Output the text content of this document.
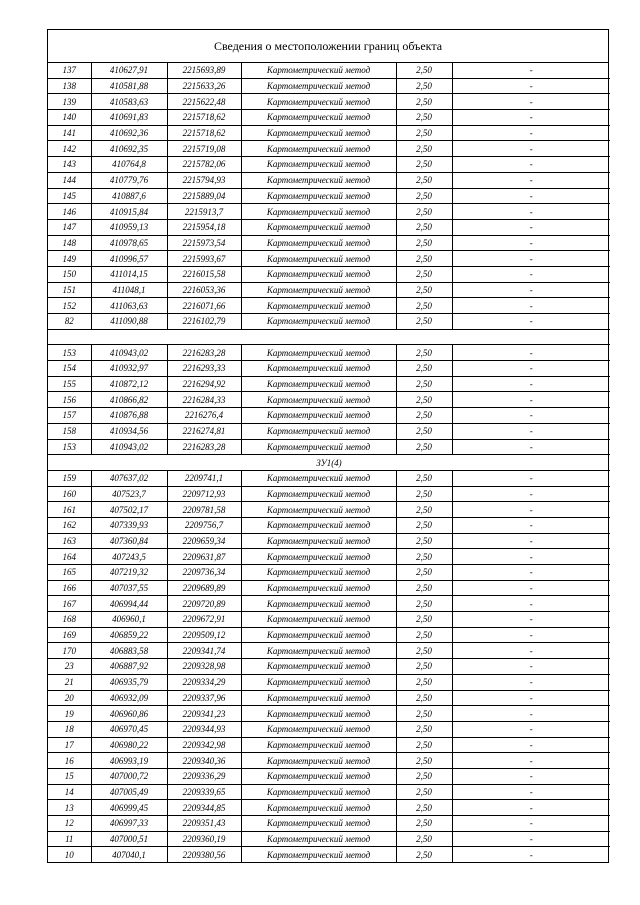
Сведения о местоположении границ объекта
137	410627,91	2215693,89	Картометрический метод	2,50	-
138	410581,88	2215633,26	Картометрический метод	2,50	-
139	410583,63	2215622,48	Картометрический метод	2,50	-
140	410691,83	2215718,62	Картометрический метод	2,50	-
141	410692,36	2215718,62	Картометрический метод	2,50	-
142	410692,35	2215719,08	Картометрический метод	2,50	-
143	410764,8	2215782,06	Картометрический метод	2,50	-
144	410779,76	2215794,93	Картометрический метод	2,50	-
145	410887,6	2215889,04	Картометрический метод	2,50	-
146	410915,84	2215913,7	Картометрический метод	2,50	-
147	410959,13	2215954,18	Картометрический метод	2,50	-
148	410978,65	2215973,54	Картометрический метод	2,50	-
149	410996,57	2215993,67	Картометрический метод	2,50	-
150	411014,15	2216015,58	Картометрический метод	2,50	-
151	411048,1	2216053,36	Картометрический метод	2,50	-
152	411063,63	2216071,66	Картометрический метод	2,50	-
82	411090,88	2216102,79	Картометрический метод	2,50	-

153	410943,02	2216283,28	Картометрический метод	2,50	-
154	410932,97	2216293,33	Картометрический метод	2,50	-
155	410872,12	2216294,92	Картометрический метод	2,50	-
156	410866,82	2216284,33	Картометрический метод	2,50	-
157	410876,88	2216276,4	Картометрический метод	2,50	-
158	410934,56	2216274,81	Картометрический метод	2,50	-
153	410943,02	2216283,28	Картометрический метод	2,50	-
ЗУ1(4)					
159	407637,02	2209741,1	Картометрический метод	2,50	-
160	407523,7	2209712,93	Картометрический метод	2,50	-
161	407502,17	2209781,58	Картометрический метод	2,50	-
162	407339,93	2209756,7	Картометрический метод	2,50	-
163	407360,84	2209659,34	Картометрический метод	2,50	-
164	407243,5	2209631,87	Картометрический метод	2,50	-
165	407219,32	2209736,34	Картометрический метод	2,50	-
166	407037,55	2209689,89	Картометрический метод	2,50	-
167	406994,44	2209720,89	Картометрический метод	2,50	-
168	406960,1	2209672,91	Картометрический метод	2,50	-
169	406859,22	2209509,12	Картометрический метод	2,50	-
170	406883,58	2209341,74	Картометрический метод	2,50	-
23	406887,92	2209328,98	Картометрический метод	2,50	-
21	406935,79	2209334,29	Картометрический метод	2,50	-
20	406932,09	2209337,96	Картометрический метод	2,50	-
19	406960,86	2209341,23	Картометрический метод	2,50	-
18	406970,45	2209344,93	Картометрический метод	2,50	-
17	406980,22	2209342,98	Картометрический метод	2,50	-
16	406993,19	2209340,36	Картометрический метод	2,50	-
15	407000,72	2209336,29	Картометрический метод	2,50	-
14	407005,49	2209339,65	Картометрический метод	2,50	-
13	406999,45	2209344,85	Картометрический метод	2,50	-
12	406997,33	2209351,43	Картометрический метод	2,50	-
11	407000,51	2209360,19	Картометрический метод	2,50	-
10	407040,1	2209380,56	Картометрический метод	2,50	-
